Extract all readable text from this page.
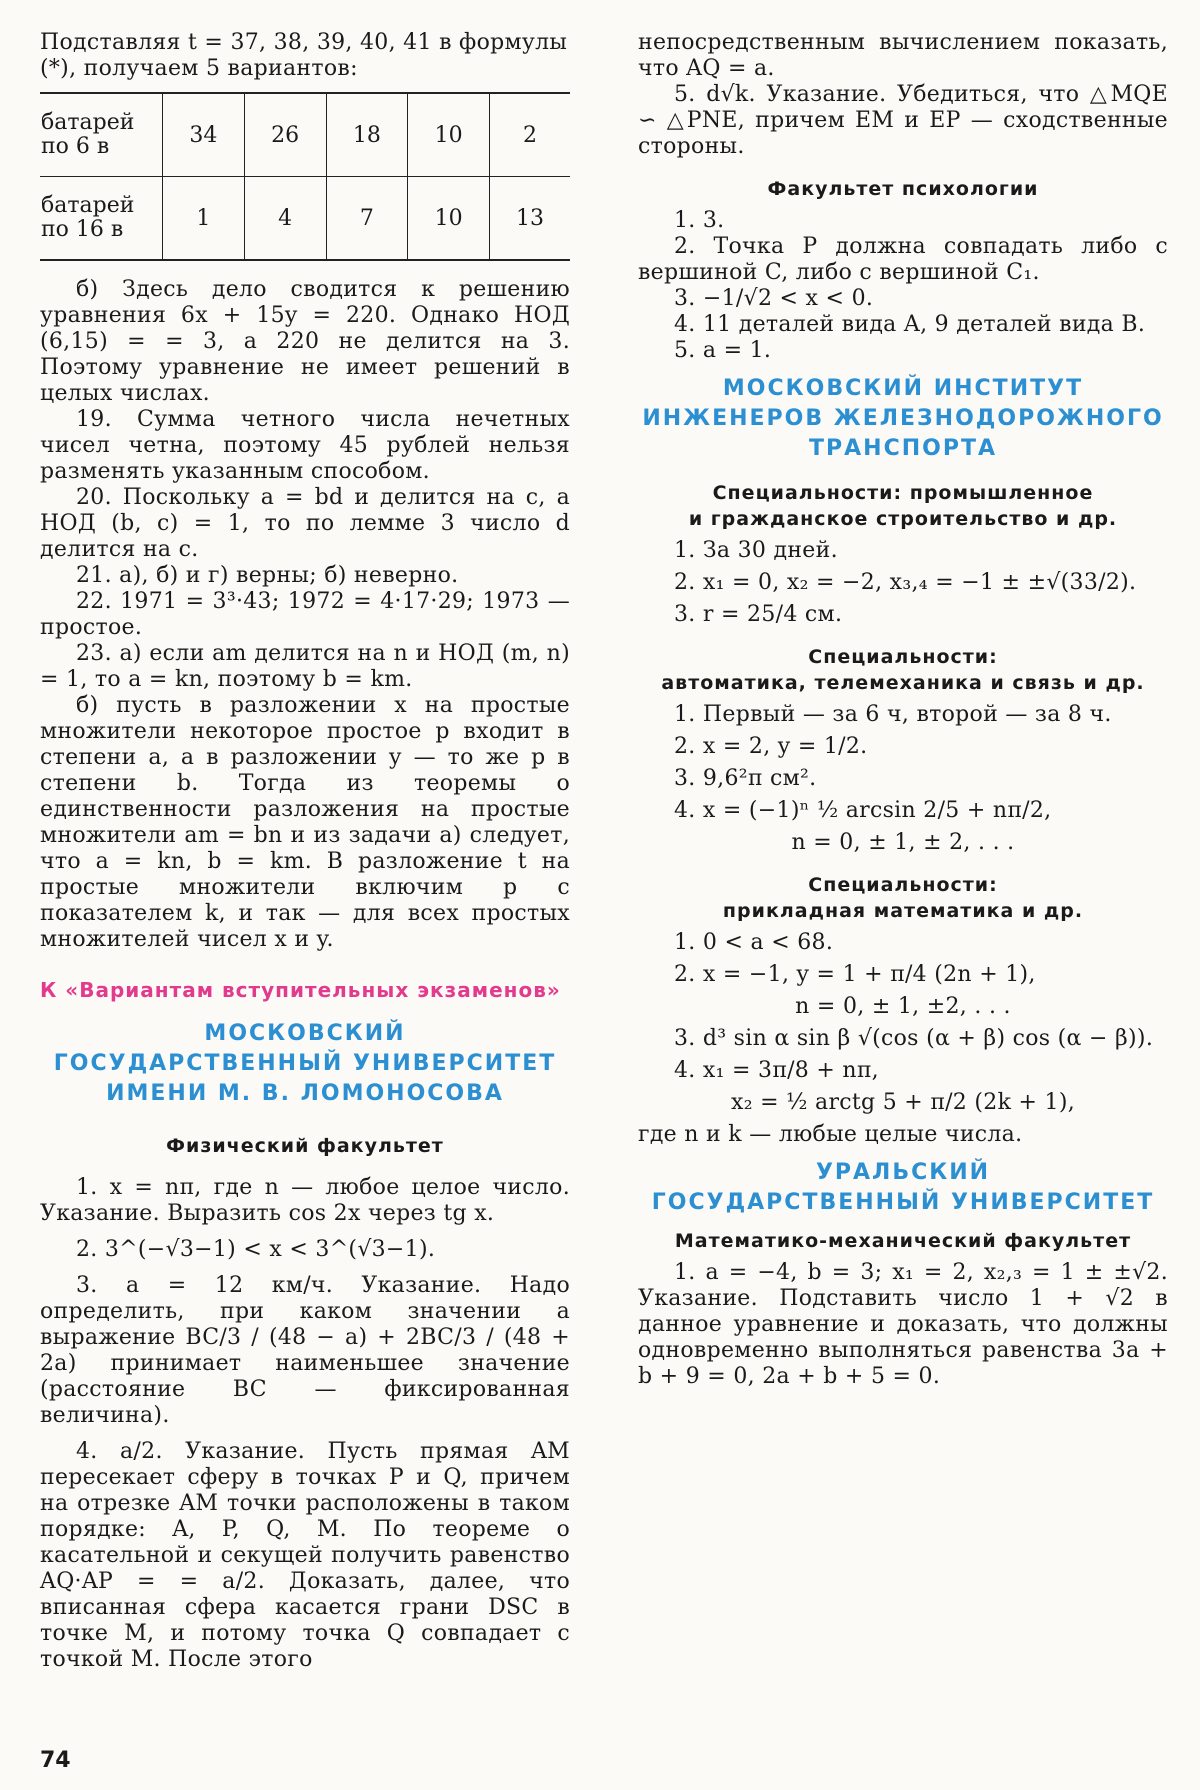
Подставляя t = 37, 38, 39, 40, 41 в формулы

(*), получаем 5 вариантов:

батарей
по 6 в	34	26	18	10	2
батарей
по 16 в	1	4	7	10	13

б) Здесь дело сводится к решению уравнения 6x + 15y = 220. Однако НОД (6,15) = = 3, а 220 не делится на 3. Поэтому уравнение не имеет решений в целых числах.

19. Сумма четного числа нечетных чисел четна, поэтому 45 рублей нельзя разменять указанным способом.

20. Поскольку a = bd и делится на c, а НОД (b, c) = 1, то по лемме 3 число d делится на c.

21. а), б) и г) верны; б) неверно.

22. 1971 = 3³·43; 1972 = 4·17·29; 1973 — простое.

23. а) если am делится на n и НОД (m, n) = 1, то a = kn, поэтому b = km.

б) пусть в разложении x на простые множители некоторое простое p входит в степени a, а в разложении y — то же p в степени b. Тогда из теоремы о единственности разложения на простые множители am = bn и из задачи а) следует, что a = kn, b = km. В разложение t на простые множители включим p с показателем k, и так — для всех простых множителей чисел x и y.

К «Вариантам вступительных экзаменов»

МОСКОВСКИЙ

ГОСУДАРСТВЕННЫЙ УНИВЕРСИТЕТ

ИМЕНИ М. В. ЛОМОНОСОВА

Физический факультет

1. x = nπ, где n — любое целое число. Указание. Выразить cos 2x через tg x.

2. 3^(−√3−1) < x < 3^(√3−1).

3. a = 12 км/ч. Указание. Надо определить, при каком значении a выражение BC/3 / (48 − a) + 2BC/3 / (48 + 2a) принимает наименьшее значение (расстояние BC — фиксированная величина).

4. a/2. Указание. Пусть прямая AM пересекает сферу в точках P и Q, причем на отрезке AM точки расположены в таком порядке: A, P, Q, M. По теореме о касательной и секущей получить равенство AQ·AP = = a/2. Доказать, далее, что вписанная сфера касается грани DSC в точке M, и потому точка Q совпадает с точкой M. После этого

непосредственным вычислением показать, что AQ = a.

5. d√k. Указание. Убедиться, что △MQE ∽ △PNE, причем EM и EP — сходственные стороны.

Факультет психологии

1. 3.

2. Точка P должна совпадать либо с вершиной C, либо с вершиной C₁.

3. −1/√2 < x < 0.

4. 11 деталей вида A, 9 деталей вида B.

5. a = 1.

МОСКОВСКИЙ ИНСТИТУТ

ИНЖЕНЕРОВ ЖЕЛЕЗНОДОРОЖНОГО

ТРАНСПОРТА

Специальности: промышленное

и гражданское строительство и др.

1. За 30 дней.

2. x₁ = 0, x₂ = −2, x₃,₄ = −1 ± ±√(33/2).

3. r = 25/4 см.

Специальности:

автоматика, телемеханика и связь и др.

1. Первый — за 6 ч, второй — за 8 ч.

2. x = 2, y = 1/2.

3. 9,6²π см².

4. x = (−1)ⁿ ½ arcsin 2/5 + nπ/2,

n = 0, ± 1, ± 2, . . .

Специальности:

прикладная математика и др.

1. 0 < a < 68.

2. x = −1, y = 1 + π/4 (2n + 1),

n = 0, ± 1, ±2, . . .

3. d³ sin α sin β √(cos (α + β) cos (α − β)).

4. x₁ = 3π/8 + nπ,

x₂ = ½ arctg 5 + π/2 (2k + 1),

где n и k — любые целые числа.

УРАЛЬСКИЙ

ГОСУДАРСТВЕННЫЙ УНИВЕРСИТЕТ

Математико-механический факультет

1. a = −4, b = 3; x₁ = 2, x₂,₃ = 1 ± ±√2. Указание. Подставить число 1 + √2 в данное уравнение и доказать, что должны одновременно выполняться равенства 3a + b + 9 = 0, 2a + b + 5 = 0.

74
